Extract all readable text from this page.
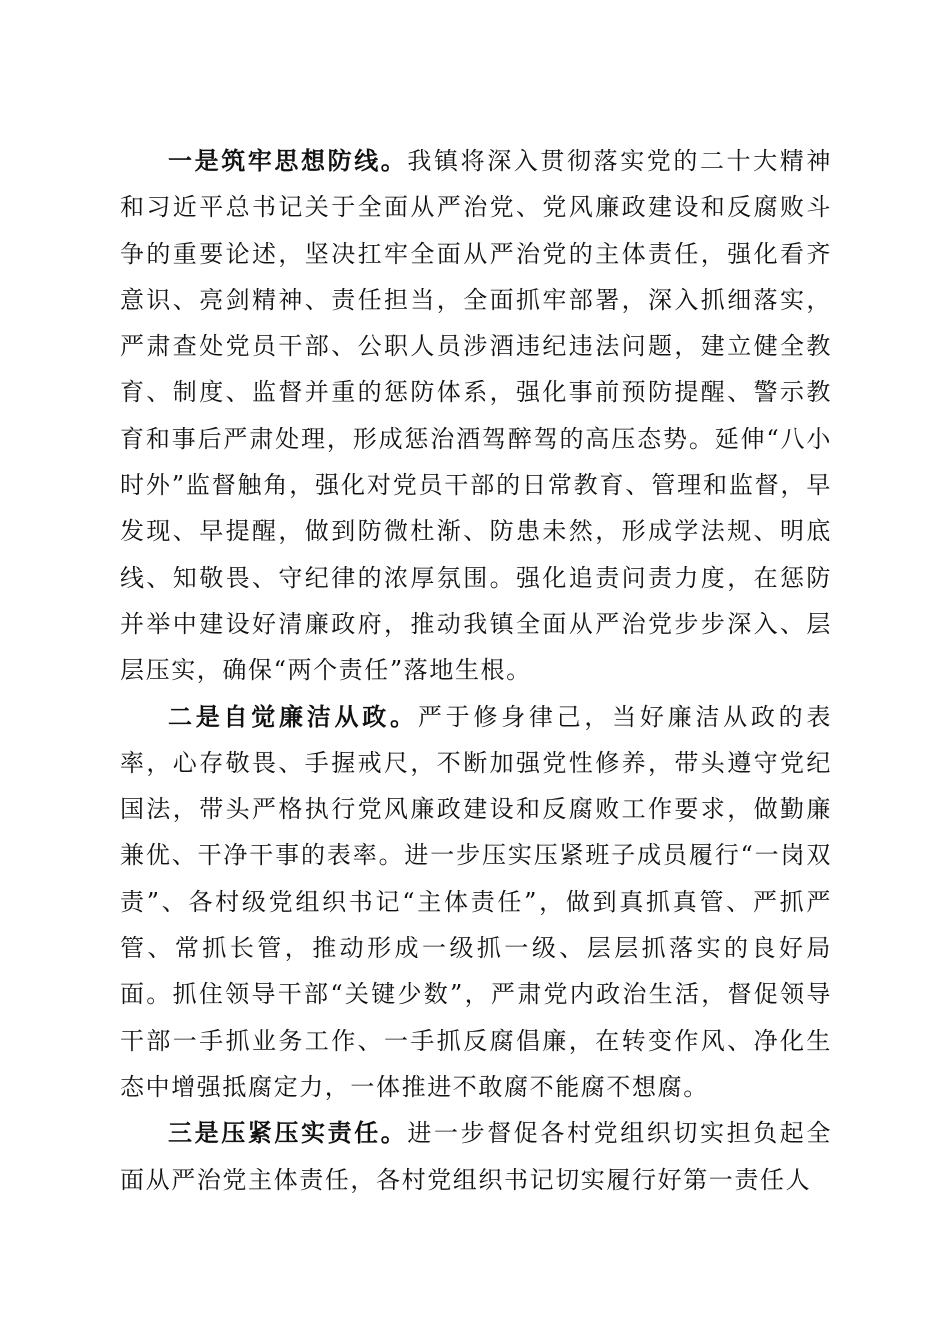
一是筑牢思想防线。我镇将深入贯彻落实党的二十大精神和习近平总书记关于全面从严治党、党风廉政建设和反腐败斗争的重要论述，坚决扛牢全面从严治党的主体责任，强化看齐意识、亮剑精神、责任担当，全面抓牢部署，深入抓细落实，严肃查处党员干部、公职人员涉酒违纪违法问题，建立健全教育、制度、监督并重的惩防体系，强化事前预防提醒、警示教育和事后严肃处理，形成惩治酒驾醉驾的高压态势。延伸“八小时外”监督触角，强化对党员干部的日常教育、管理和监督，早发现、早提醒，做到防微杜渐、防患未然，形成学法规、明底线、知敬畏、守纪律的浓厚氛围。强化追责问责力度，在惩防并举中建设好清廉政府，推动我镇全面从严治党步步深入、层层压实，确保“两个责任”落地生根。

二是自觉廉洁从政。严于修身律己，当好廉洁从政的表率，心存敬畏、手握戒尺，不断加强党性修养，带头遵守党纪国法，带头严格执行党风廉政建设和反腐败工作要求，做勤廉兼优、干净干事的表率。进一步压实压紧班子成员履行“一岗双责”、各村级党组织书记“主体责任”，做到真抓真管、严抓严管、常抓长管，推动形成一级抓一级、层层抓落实的良好局面。抓住领导干部“关键少数”，严肃党内政治生活，督促领导干部一手抓业务工作、一手抓反腐倡廉，在转变作风、净化生态中增强抵腐定力，一体推进不敢腐不能腐不想腐。

三是压紧压实责任。进一步督促各村党组织切实担负起全面从严治党主体责任，各村党组织书记切实履行好第一责任人
